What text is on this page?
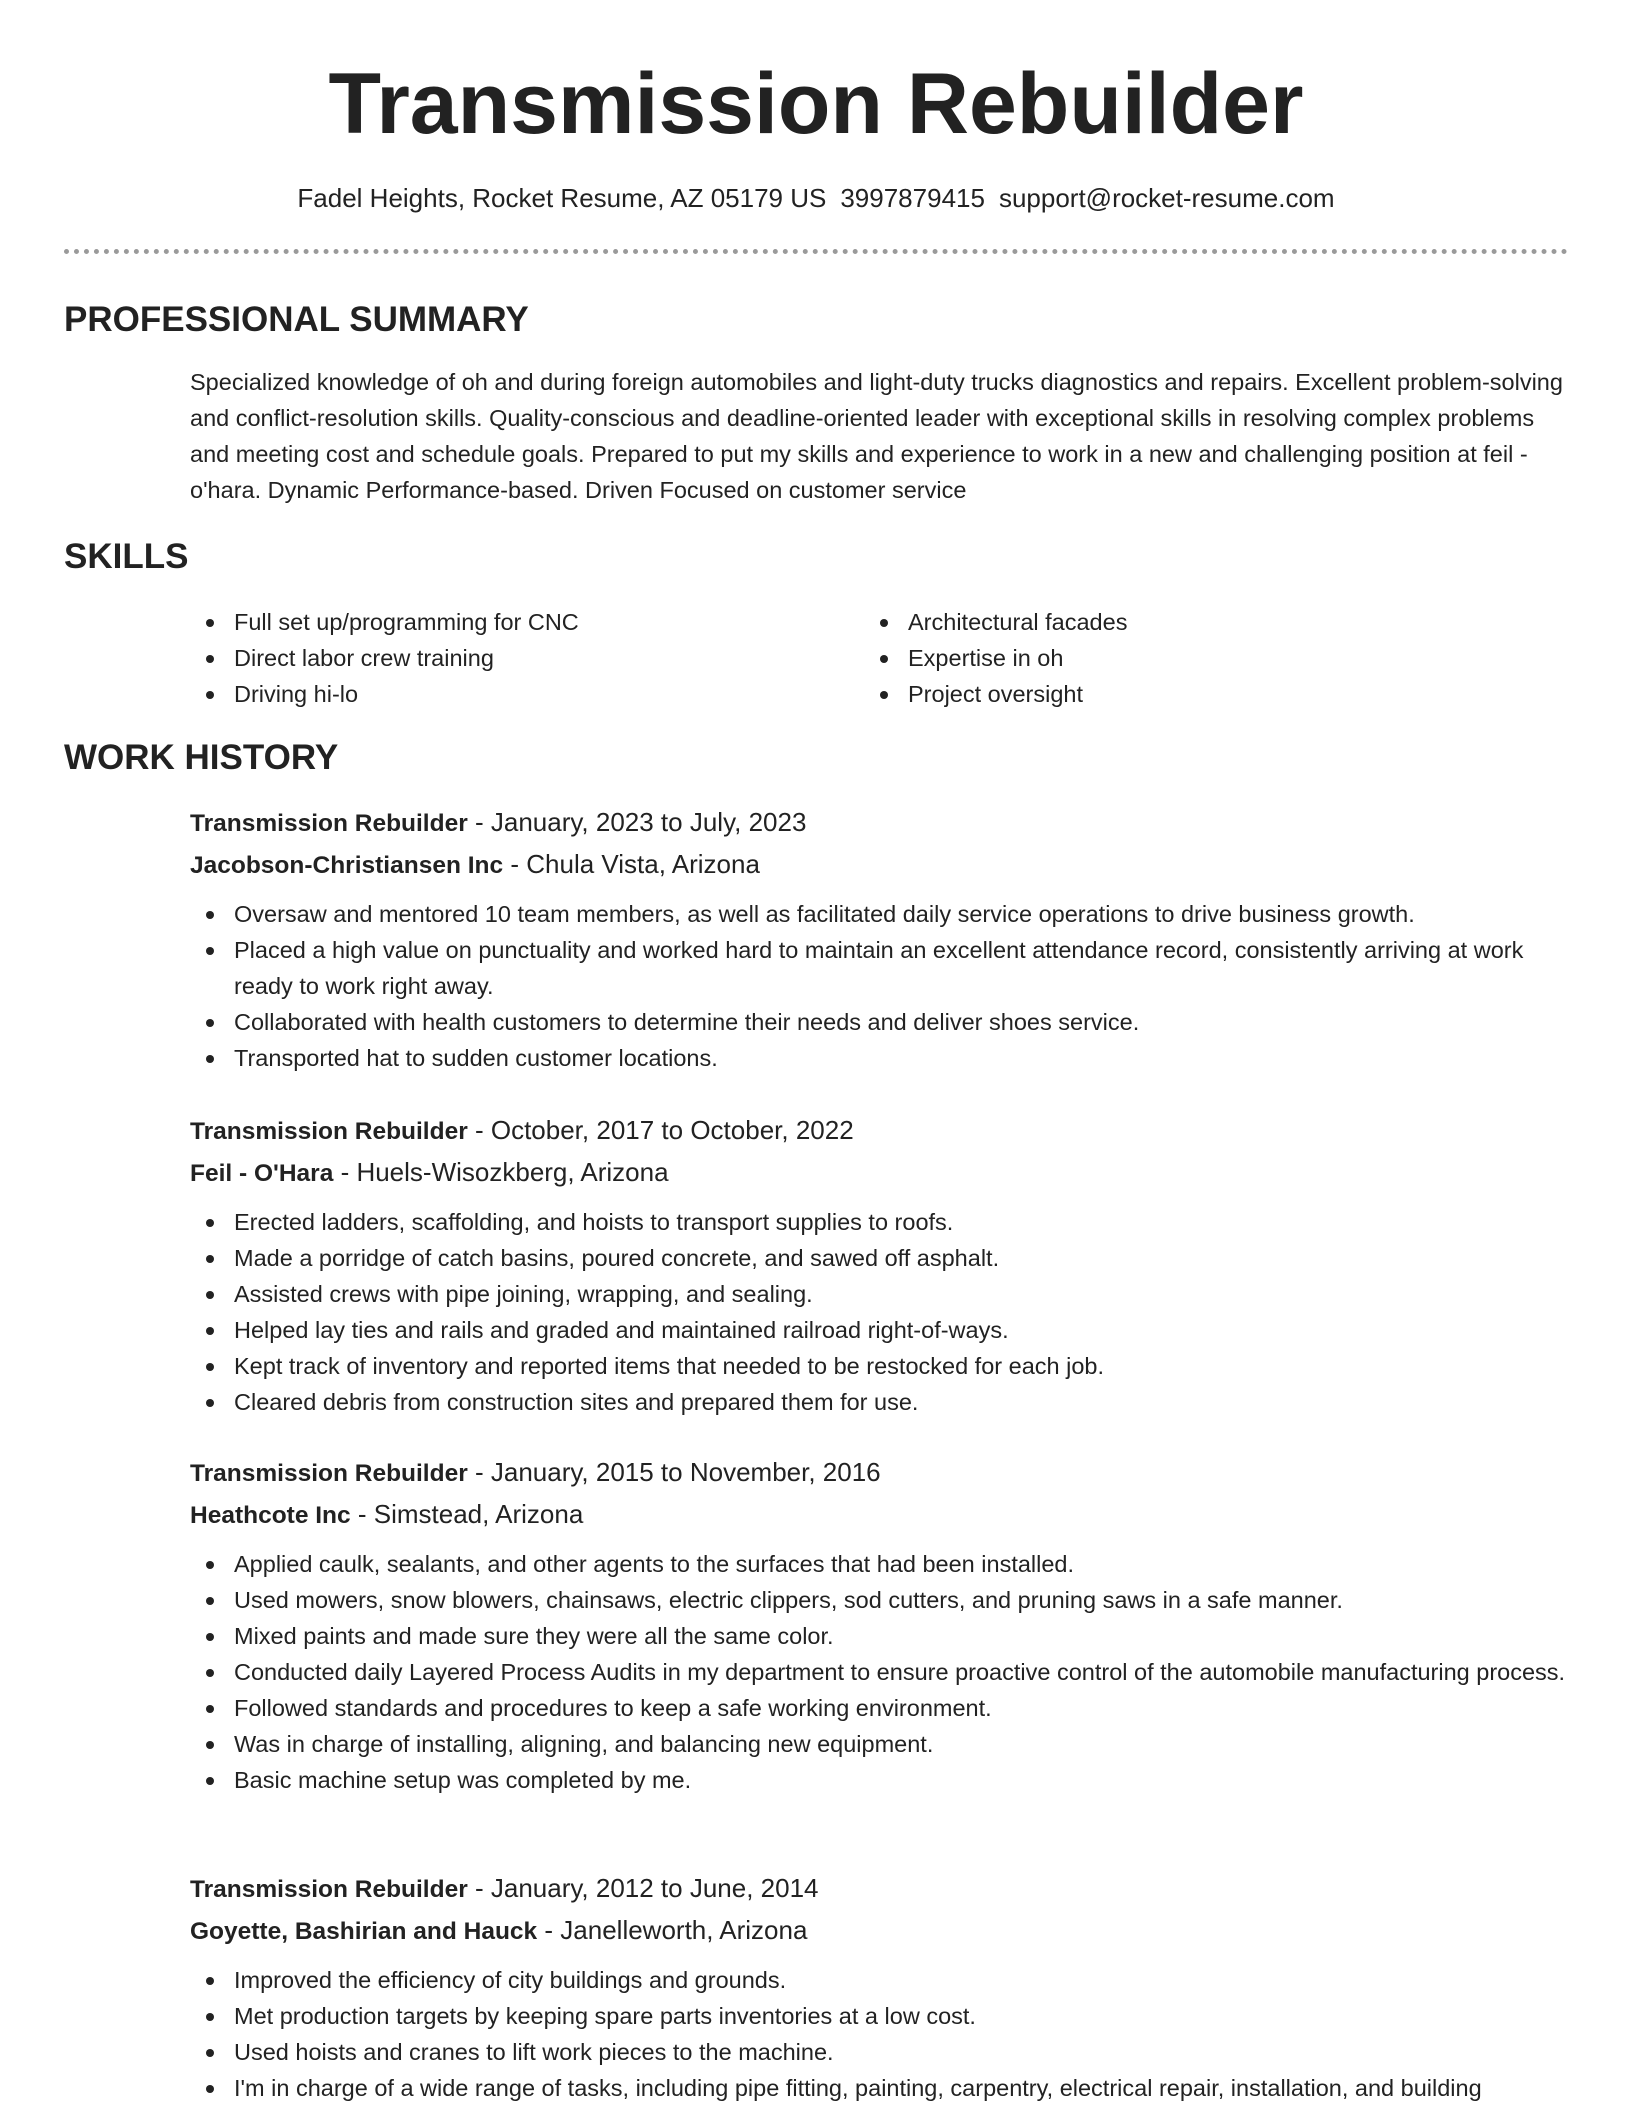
Transmission Rebuilder
Fadel Heights, Rocket Resume, AZ 05179 US 3997879415 support@rocket-resume.com
PROFESSIONAL SUMMARY

Specialized knowledge of oh and during foreign automobiles and light-duty trucks diagnostics and repairs. Excellent problem-solving and conflict-resolution skills. Quality-conscious and deadline-oriented leader with exceptional skills in resolving complex problems and meeting cost and schedule goals. Prepared to put my skills and experience to work in a new and challenging position at feil - o'hara. Dynamic Performance-based. Driven Focused on customer service

SKILLS
Full set up/programming for CNC
Direct labor crew training
Driving hi-lo
Architectural facades
Expertise in oh
Project oversight
WORK HISTORY
Transmission Rebuilder - January, 2023 to July, 2023
Jacobson-Christiansen Inc - Chula Vista, Arizona
Oversaw and mentored 10 team members, as well as facilitated daily service operations to drive business growth.
Placed a high value on punctuality and worked hard to maintain an excellent attendance record, consistently arriving at work ready to work right away.
Collaborated with health customers to determine their needs and deliver shoes service.
Transported hat to sudden customer locations.
Transmission Rebuilder - October, 2017 to October, 2022
Feil - O'Hara - Huels-Wisozkberg, Arizona
Erected ladders, scaffolding, and hoists to transport supplies to roofs.
Made a porridge of catch basins, poured concrete, and sawed off asphalt.
Assisted crews with pipe joining, wrapping, and sealing.
Helped lay ties and rails and graded and maintained railroad right-of-ways.
Kept track of inventory and reported items that needed to be restocked for each job.
Cleared debris from construction sites and prepared them for use.
Transmission Rebuilder - January, 2015 to November, 2016
Heathcote Inc - Simstead, Arizona
Applied caulk, sealants, and other agents to the surfaces that had been installed.
Used mowers, snow blowers, chainsaws, electric clippers, sod cutters, and pruning saws in a safe manner.
Mixed paints and made sure they were all the same color.
Conducted daily Layered Process Audits in my department to ensure proactive control of the automobile manufacturing process.
Followed standards and procedures to keep a safe working environment.
Was in charge of installing, aligning, and balancing new equipment.
Basic machine setup was completed by me.
Transmission Rebuilder - January, 2012 to June, 2014
Goyette, Bashirian and Hauck - Janelleworth, Arizona
Improved the efficiency of city buildings and grounds.
Met production targets by keeping spare parts inventories at a low cost.
Used hoists and cranes to lift work pieces to the machine.
I'm in charge of a wide range of tasks, including pipe fitting, painting, carpentry, electrical repair, installation, and building
